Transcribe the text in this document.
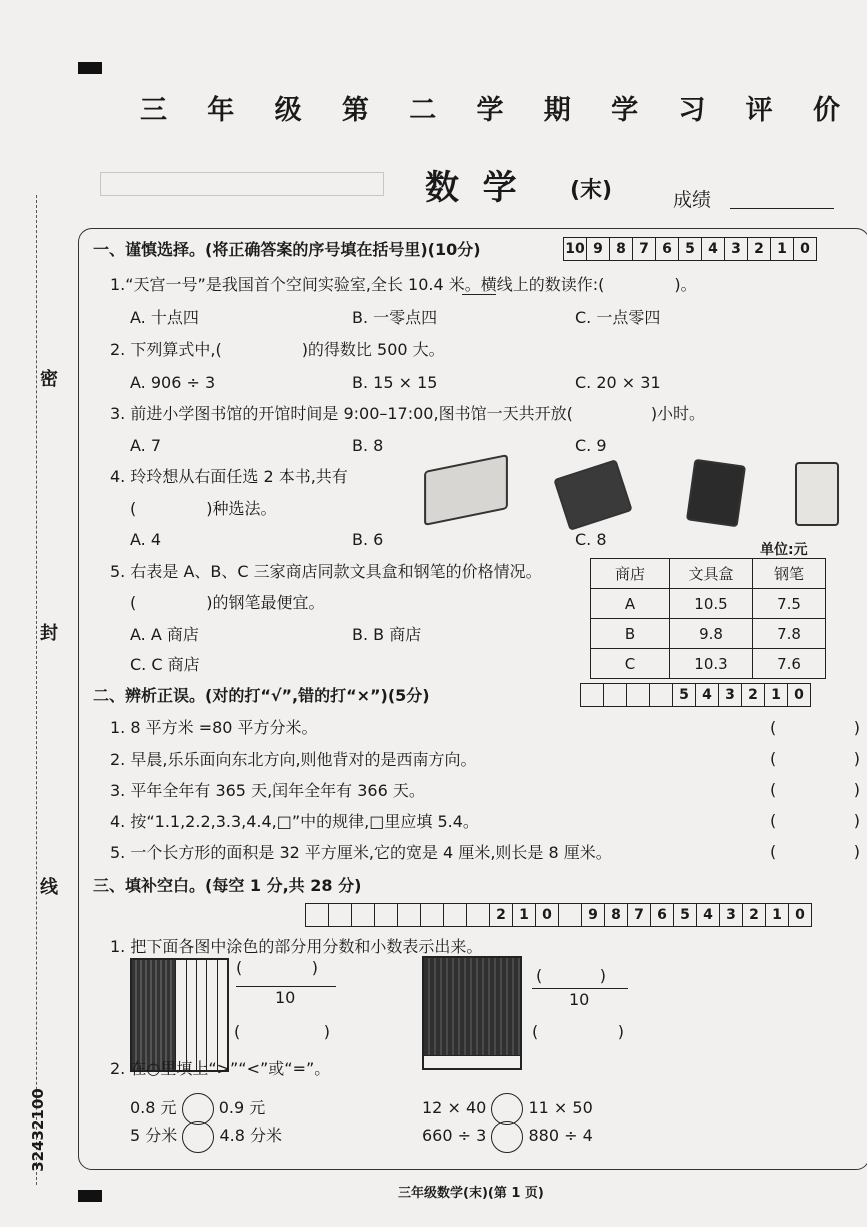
三 年 级 第 二 学 期 学 习 评 价
数  学 (末)	成绩
密
封
线
32432100
一、谨慎选择。(将正确答案的序号填在括号里)(10分)	10 9 8 7 6 5 4 3 2 1 0
1.“天宫一号”是我国首个空间实验室,全长 10.4 米。横线上的数读作:(	)。
A. 十点四	B. 一零点四	C. 一点零四
2. 下列算式中,(	)的得数比 500 大。
A. 906 ÷ 3	B. 15 × 15	C. 20 × 31
3. 前进小学图书馆的开馆时间是 9:00–17:00,图书馆一天共开放(	)小时。
A. 7	B. 8	C. 9
4. 玲玲想从右面任选 2 本书,共有
(	)种选法。
A. 4	B. 6	C. 8
5. 右表是 A、B、C 三家商店同款文具盒和钢笔的价格情况。
(	)的钢笔最便宜。
A. A 商店	B. B 商店
C. C 商店
单位:元
商店	文具盒	钢笔
A	10.5	7.5
B	9.8	7.8
C	10.3	7.6
二、辨析正误。(对的打“√”,错的打“×”)(5分)	5 4 3 2 1 0
1. 8 平方米 =80 平方分米。
2. 早晨,乐乐面向东北方向,则他背对的是西南方向。
3. 平年全年有 365 天,闰年全年有 366 天。
4. 按“1.1,2.2,3.3,4.4,□”中的规律,□里应填 5.4。
5. 一个长方形的面积是 32 平方厘米,它的宽是 4 厘米,则长是 8 厘米。
(	)
(	)
(	)
(	)
(	)
三、填补空白。(每空 1 分,共 28 分)
2 1 0	9 8 7 6 5 4 3 2 1 0
1. 把下面各图中涂色的部分用分数和小数表示出来。
(	)
10
(	)
(	)
10
(	)
2. 在○里填上“>”“<”或“=”。
0.8 元	0.9 元	12 × 40	11 × 50
5 分米	4.8 分米	660 ÷ 3	880 ÷ 4
三年级数学(末)(第 1 页)
